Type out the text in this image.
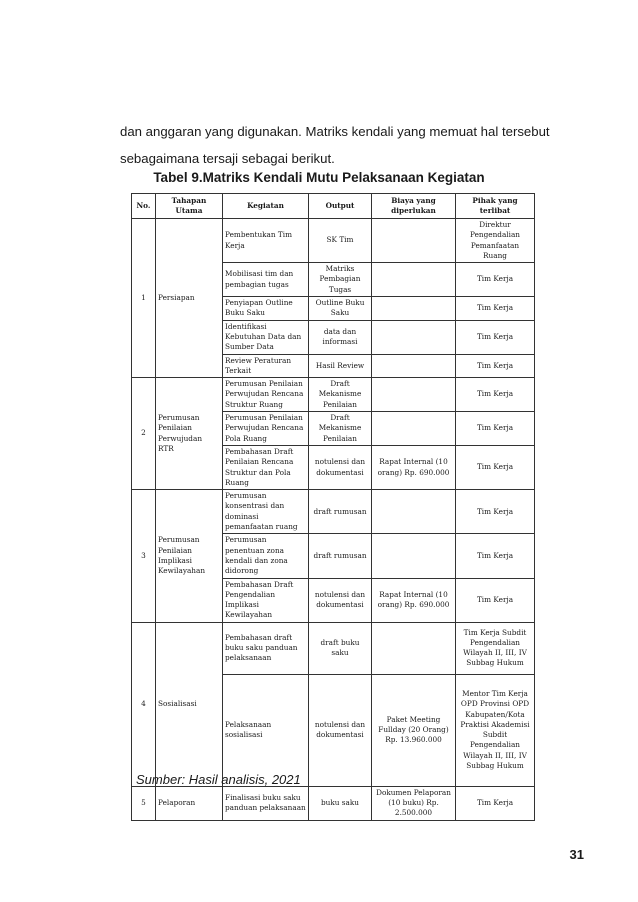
dan anggaran yang digunakan. Matriks kendali yang memuat hal tersebut

sebagaimana tersaji sebagai berikut.

Tabel 9.Matriks Kendali Mutu Pelaksanaan Kegiatan
No.	Tahapan Utama	Kegiatan	Output	Biaya yang diperlukan	Pihak yang terlibat
1	Persiapan	Pembentukan Tim Kerja	SK Tim		Direktur Pengendalian Pemanfaatan Ruang
		Mobilisasi tim dan pembagian tugas	Matriks Pembagian Tugas		Tim Kerja
		Penyiapan Outline Buku Saku	Outline Buku Saku		Tim Kerja
		Identifikasi Kebutuhan Data dan Sumber Data	data dan informasi		Tim Kerja
		Review Peraturan Terkait	Hasil Review		Tim Kerja
2	Perumusan Penilaian Perwujudan RTR	Perumusan Penilaian Perwujudan Rencana Struktur Ruang	Draft Mekanisme Penilaian		Tim Kerja
		Perumusan Penilaian Perwujudan Rencana Pola Ruang	Draft Mekanisme Penilaian		Tim Kerja
		Pembahasan Draft Penilaian Rencana Struktur dan Pola Ruang	notulensi dan dokumentasi	Rapat Internal (10 orang) Rp. 690.000	Tim Kerja
3	Perumusan Penilaian Implikasi Kewilayahan	Perumusan konsentrasi dan dominasi pemanfaatan ruang	draft rumusan		Tim Kerja
		Perumusan penentuan zona kendali dan zona didorong	draft rumusan		Tim Kerja
		Pembahasan Draft Pengendalian Implikasi Kewilayahan	notulensi dan dokumentasi	Rapat Internal (10 orang) Rp. 690.000	Tim Kerja
4	Sosialisasi	Pembahasan draft buku saku panduan pelaksanaan	draft buku saku		Tim Kerja Subdit Pengendalian Wilayah II, III, IV Subbag Hukum
		Pelaksanaan sosialisasi	notulensi dan dokumentasi	Paket Meeting Fullday (20 Orang) Rp. 13.960.000	Mentor Tim Kerja OPD Provinsi OPD Kabupaten/Kota Praktisi Akademisi Subdit Pengendalian Wilayah II, III, IV Subbag Hukum
5	Pelaporan	Finalisasi buku saku panduan pelaksanaan	buku saku	Dokumen Pelaporan (10 buku) Rp. 2.500.000	Tim Kerja
Sumber: Hasil analisis, 2021
31
